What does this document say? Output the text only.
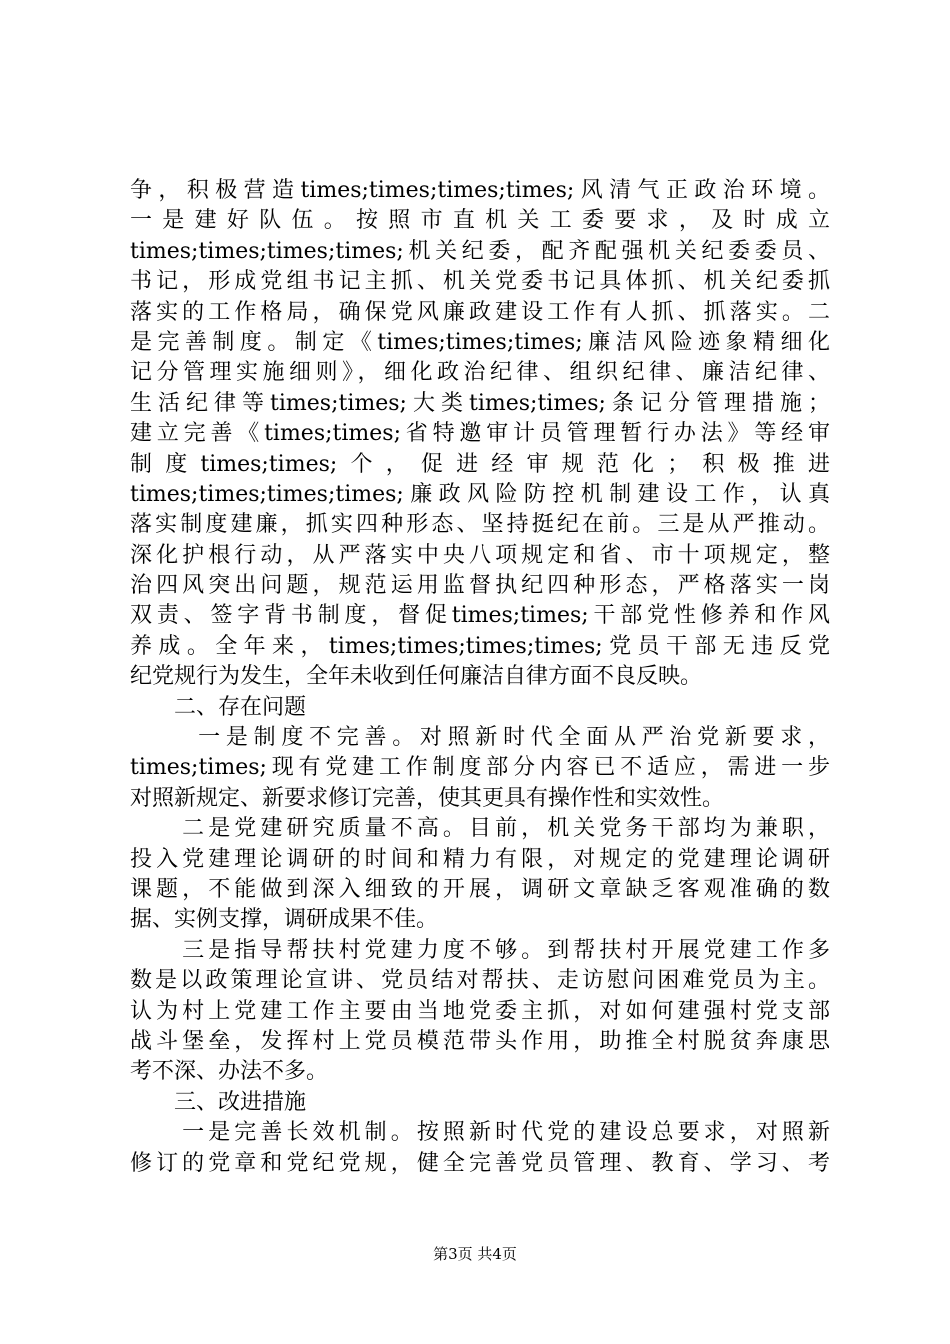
争，积极营造times;times;times;times;风清气正政治环境。
一是建好队伍。按照市直机关工委要求，及时成立
times;times;times;times;机关纪委，配齐配强机关纪委委员、
书记，形成党组书记主抓、机关党委书记具体抓、机关纪委抓
落实的工作格局，确保党风廉政建设工作有人抓、抓落实。二
是完善制度。制定《times;times;times;廉洁风险迹象精细化
记分管理实施细则》，细化政治纪律、组织纪律、廉洁纪律、
生活纪律等times;times;大类times;times;条记分管理措施；
建立完善《times;times;省特邀审计员管理暂行办法》等经审
制度times;times;个，促进经审规范化；积极推进
times;times;times;times;廉政风险防控机制建设工作，认真
落实制度建廉，抓实四种形态、坚持挺纪在前。三是从严推动。
深化护根行动，从严落实中央八项规定和省、市十项规定，整
治四风突出问题，规范运用监督执纪四种形态，严格落实一岗
双责、签字背书制度，督促times;times;干部党性修养和作风
养成。全年来，times;times;times;times;党员干部无违反党
纪党规行为发生，全年未收到任何廉洁自律方面不良反映。
　　二、存在问题
　　 一是制度不完善。对照新时代全面从严治党新要求，
times;times;现有党建工作制度部分内容已不适应，需进一步
对照新规定、新要求修订完善，使其更具有操作性和实效性。
　　二是党建研究质量不高。目前，机关党务干部均为兼职，
投入党建理论调研的时间和精力有限，对规定的党建理论调研
课题，不能做到深入细致的开展，调研文章缺乏客观准确的数
据、实例支撑，调研成果不佳。
　　三是指导帮扶村党建力度不够。到帮扶村开展党建工作多
数是以政策理论宣讲、党员结对帮扶、走访慰问困难党员为主。
认为村上党建工作主要由当地党委主抓，对如何建强村党支部
战斗堡垒，发挥村上党员模范带头作用，助推全村脱贫奔康思
考不深、办法不多。
　　三、改进措施
　　一是完善长效机制。按照新时代党的建设总要求，对照新
修订的党章和党纪党规，健全完善党员管理、教育、学习、考
第3页 共4页
